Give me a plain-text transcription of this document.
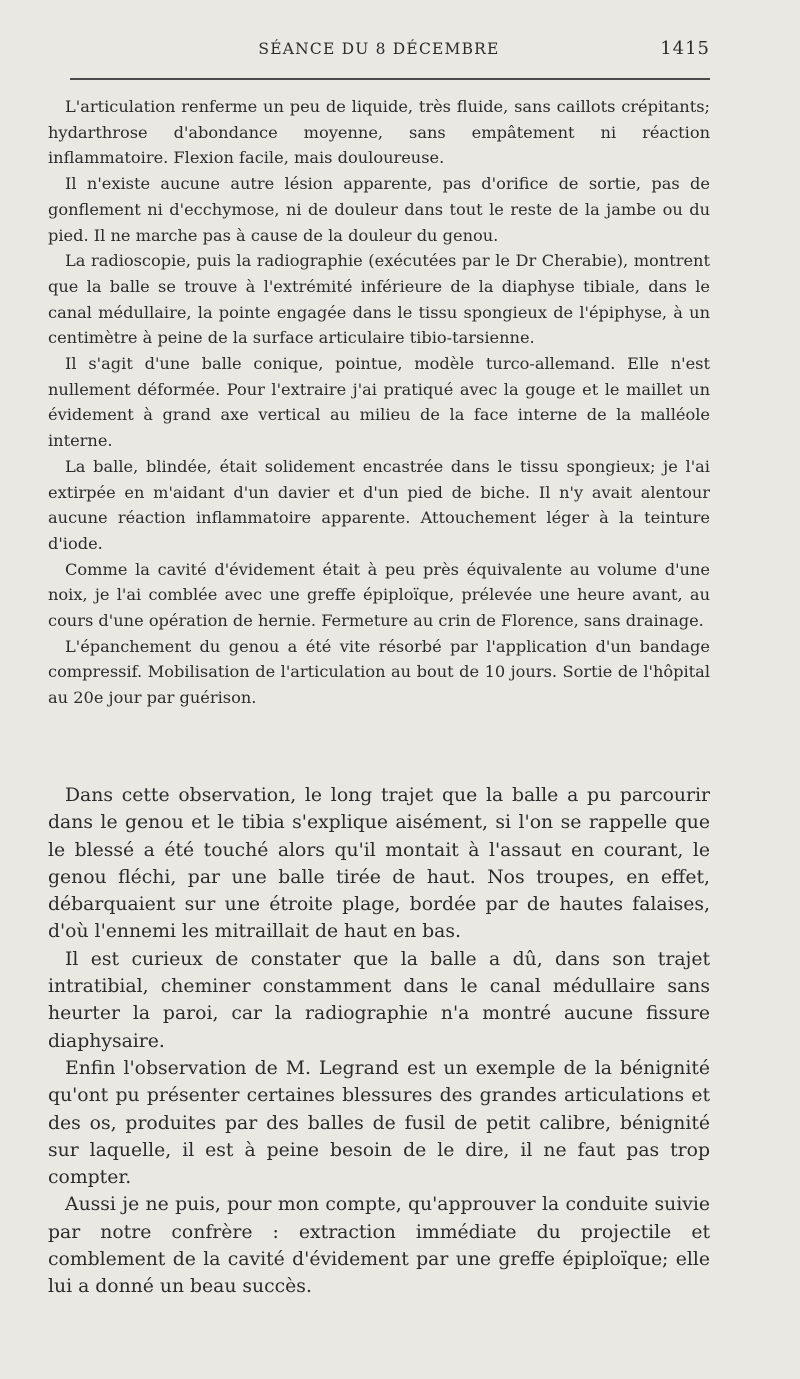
SÉANCE DU 8 DÉCEMBRE	1415

L'articulation renferme un peu de liquide, très fluide, sans caillots crépitants; hydarthrose d'abondance moyenne, sans empâtement ni réaction inflammatoire. Flexion facile, mais douloureuse.

Il n'existe aucune autre lésion apparente, pas d'orifice de sortie, pas de gonflement ni d'ecchymose, ni de douleur dans tout le reste de la jambe ou du pied. Il ne marche pas à cause de la douleur du genou.

La radioscopie, puis la radiographie (exécutées par le Dr Cherabie), montrent que la balle se trouve à l'extrémité inférieure de la diaphyse tibiale, dans le canal médullaire, la pointe engagée dans le tissu spongieux de l'épiphyse, à un centimètre à peine de la surface articulaire tibio-tarsienne.

Il s'agit d'une balle conique, pointue, modèle turco-allemand. Elle n'est nullement déformée. Pour l'extraire j'ai pratiqué avec la gouge et le maillet un évidement à grand axe vertical au milieu de la face interne de la malléole interne.

La balle, blindée, était solidement encastrée dans le tissu spongieux; je l'ai extirpée en m'aidant d'un davier et d'un pied de biche. Il n'y avait alentour aucune réaction inflammatoire apparente. Attouchement léger à la teinture d'iode.

Comme la cavité d'évidement était à peu près équivalente au volume d'une noix, je l'ai comblée avec une greffe épiploïque, prélevée une heure avant, au cours d'une opération de hernie. Fermeture au crin de Florence, sans drainage.

L'épanchement du genou a été vite résorbé par l'application d'un bandage compressif. Mobilisation de l'articulation au bout de 10 jours. Sortie de l'hôpital au 20e jour par guérison.

Dans cette observation, le long trajet que la balle a pu parcourir dans le genou et le tibia s'explique aisément, si l'on se rappelle que le blessé a été touché alors qu'il montait à l'assaut en courant, le genou fléchi, par une balle tirée de haut. Nos troupes, en effet, débarquaient sur une étroite plage, bordée par de hautes falaises, d'où l'ennemi les mitraillait de haut en bas.

Il est curieux de constater que la balle a dû, dans son trajet intratibial, cheminer constamment dans le canal médullaire sans heurter la paroi, car la radiographie n'a montré aucune fissure diaphysaire.

Enfin l'observation de M. Legrand est un exemple de la bénignité qu'ont pu présenter certaines blessures des grandes articulations et des os, produites par des balles de fusil de petit calibre, bénignité sur laquelle, il est à peine besoin de le dire, il ne faut pas trop compter.

Aussi je ne puis, pour mon compte, qu'approuver la conduite suivie par notre confrère : extraction immédiate du projectile et comblement de la cavité d'évidement par une greffe épiploïque; elle lui a donné un beau succès.
